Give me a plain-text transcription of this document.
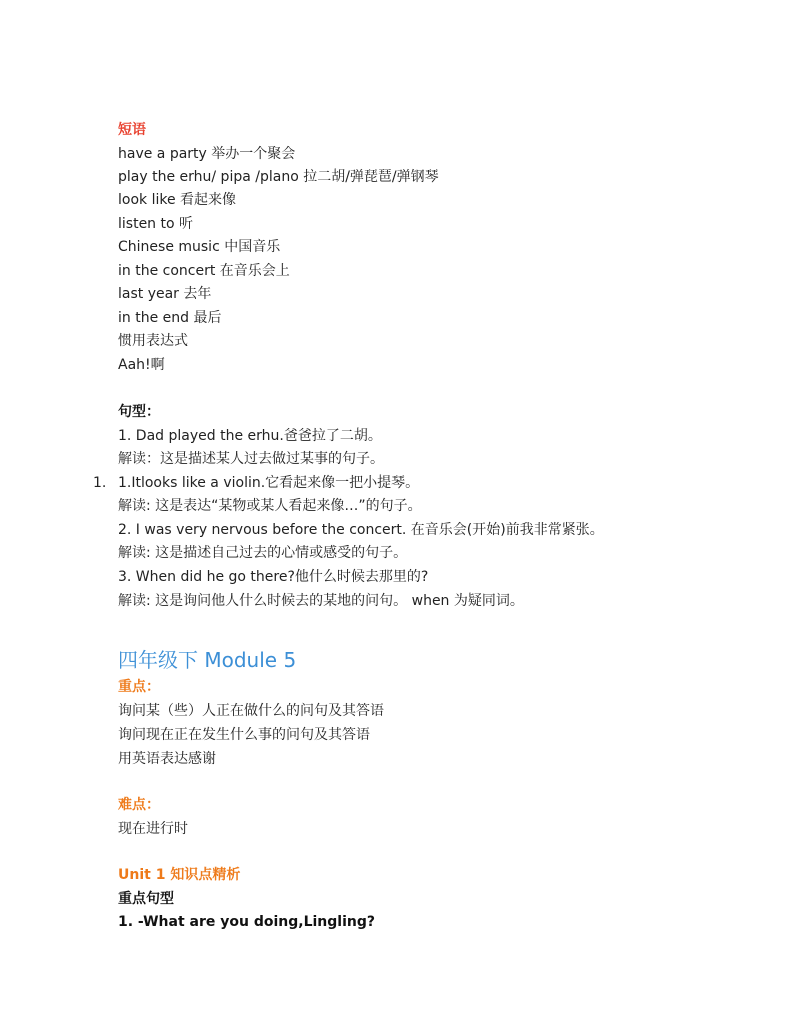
短语

have a party 举办一个聚会

play the erhu/ pipa /plano 拉二胡/弹琵琶/弹钢琴

look like 看起来像

listen to 听

Chinese music 中国音乐

in the concert 在音乐会上

last year 去年

in the end 最后

惯用表达式

Aah!啊

句型：

1. Dad played the erhu.爸爸拉了二胡。

解读：这是描述某人过去做过某事的句子。

1. 1.Itlooks like a violin.它看起来像一把小提琴。

解读: 这是表达“某物或某人看起来像…”的句子。

2. I was very nervous before the concert. 在音乐会(开始)前我非常紧张。

解读: 这是描述自己过去的心情或感受的句子。

3. When did he go there?他什么时候去那里的?

解读: 这是询问他人什么时候去的某地的问句。 when 为疑同词。

四年级下 Module 5

重点：

询问某（些）人正在做什么的问句及其答语

询问现在正在发生什么事的问句及其答语

用英语表达感谢

难点：

现在进行时

Unit 1 知识点精析

重点句型

1. -What are you doing,Lingling?
